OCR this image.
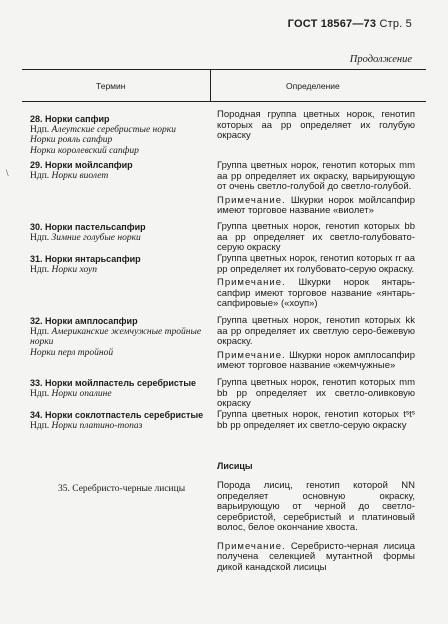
ГОСТ 18567—73 Стр. 5
Продолжение
Термин	Определение
\
28. Норки сапфир
Ндп. Алеутские серебристые норки
Норки рояль сапфир
Норки королевский сапфир
Породная группа цветных норок, генотип которых aa pp определяет их голубую окраску
29. Норки мойлсапфир
Ндп. Норки виолет
Группа цветных норок, генотип которых mm aa pp определяет их окраску, варьирующую от очень светло-голубой до светло-голубой.
Примечание. Шкурки норок мойлсапфир имеют торговое название «виолет»
30. Норки пастельсапфир
Ндп. Зимние голубые норки
Группа цветных норок, генотип которых bb aa pp определяет их светло-голубовато-серую окраску
31. Норки янтарьсапфир
Ндп. Норки хоуп
Группа цветных норок, генотип которых rr aa pp определяет их голубовато-серую окраску.
Примечание. Шкурки норок янтарь-сапфир имеют торговое название «янтарь-сапфировые» («хоуп»)
32. Норки амплосапфир
Ндп. Американские жемчужные тройные норки
Норки перл тройной
Группа цветных норок, генотип которых kk aa pp определяет их светлую серо-бежевую окраску.
Примечание. Шкурки норок амплосапфир имеют торговое название «жемчужные»
33. Норки мойлпастель серебристые
Ндп. Норки опалине
Группа цветных норок, генотип которых mm bb pp определяет их светло-оливковую окраску
34. Норки соклотпастель серебристые
Ндп. Норки платино-топаз
Группа цветных норок, генотип которых tˢtˢ bb pp определяет их светло-серую окраску
Лисицы
35. Серебристо-черные лисицы	Порода лисиц, генотип которой NN определяет основную окраску, варьирующую от черной до светло-серебристой, серебристый и платиновый волос, белое окончание хвоста.
Примечание. Серебристо-черная лисица получена селекцией мутантной формы дикой канадской лисицы
